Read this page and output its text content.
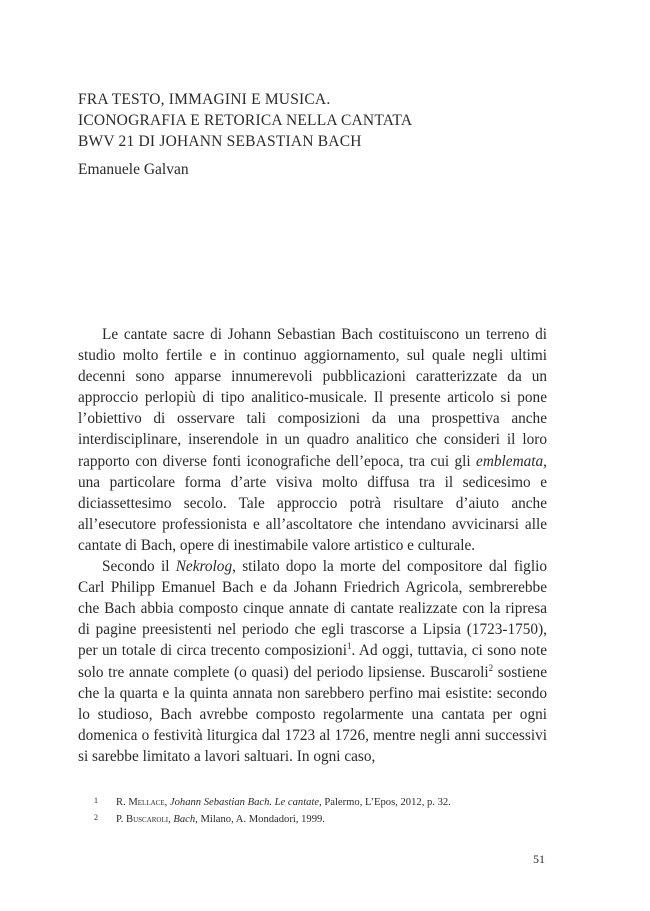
FRA TESTO, IMMAGINI E MUSICA.
ICONOGRAFIA E RETORICA NELLA CANTATA
BWV 21 DI JOHANN SEBASTIAN BACH
Emanuele Galvan

Le cantate sacre di Johann Sebastian Bach costituiscono un terreno di studio molto fertile e in continuo aggiornamento, sul quale negli ultimi decenni sono apparse innumerevoli pubblicazioni caratterizzate da un approccio perlopiù di tipo analitico-musicale. Il presente articolo si pone l’obiettivo di osservare tali composizioni da una prospettiva anche interdisciplinare, inserendole in un quadro analitico che consideri il loro rapporto con diverse fonti iconografiche dell’epoca, tra cui gli emblemata, una particolare forma d’arte visiva molto diffusa tra il sedicesimo e diciassettesimo secolo. Tale approccio potrà risultare d’aiuto anche all’esecutore professionista e all’ascoltatore che intendano avvicinarsi alle cantate di Bach, opere di inestimabile valore artistico e culturale.

Secondo il Nekrolog, stilato dopo la morte del compositore dal figlio Carl Philipp Emanuel Bach e da Johann Friedrich Agricola, sembrerebbe che Bach abbia composto cinque annate di cantate realizzate con la ripresa di pagine preesistenti nel periodo che egli trascorse a Lipsia (1723-1750), per un totale di circa trecento composizioni$^1$. Ad oggi, tuttavia, ci sono note solo tre annate complete (o quasi) del periodo lipsiense. Buscaroli$^2$ sostiene che la quarta e la quinta annata non sarebbero perfino mai esistite: secondo lo studioso, Bach avrebbe composto regolarmente una cantata per ogni domenica o festività liturgica dal 1723 al 1726, mentre negli anni successivi si sarebbe limitato a lavori saltuari. In ogni caso,

1	R. Mellace, Johann Sebastian Bach. Le cantate, Palermo, L’Epos, 2012, p. 32.
2	P. Buscaroli, Bach, Milano, A. Mondadori, 1999.
51
